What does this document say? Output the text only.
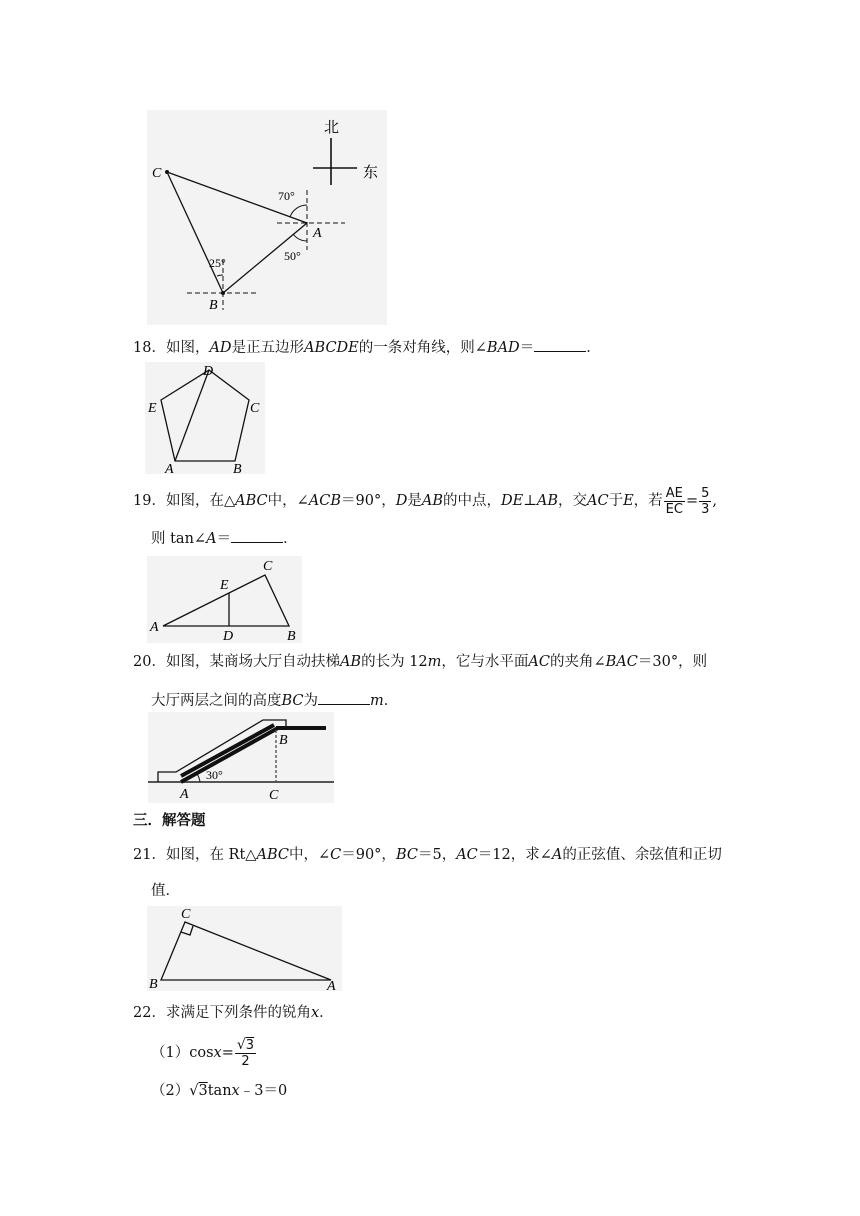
北
东
C
A
B
70°
50°
25°
18．如图，AD是正五边形ABCDE的一条对角线，则∠BAD＝	．
D
E	C
A	B
19．如图，在△ABC中，∠ACB＝90°，D是AB的中点，DE⊥AB，交AC于E，若 $\frac{AE}{EC} = \frac{5}{3}$ ,
则 tan∠A＝	．
A
B
C
D
E
20．如图，某商场大厅自动扶梯AB的长为 12m，它与水平面AC的夹角∠BAC＝30°，则
大厅两层之间的高度BC为	m．
A
B
C
30°
三．解答题
21．如图，在 Rt△ABC中，∠C＝90°，BC＝5，AC＝12，求∠A的正弦值、余弦值和正切
值．
B
C
A
22．求满足下列条件的锐角x．
$(1)\cos x= \frac{√3}{2}$
（2）√3tanx﹣3＝0
